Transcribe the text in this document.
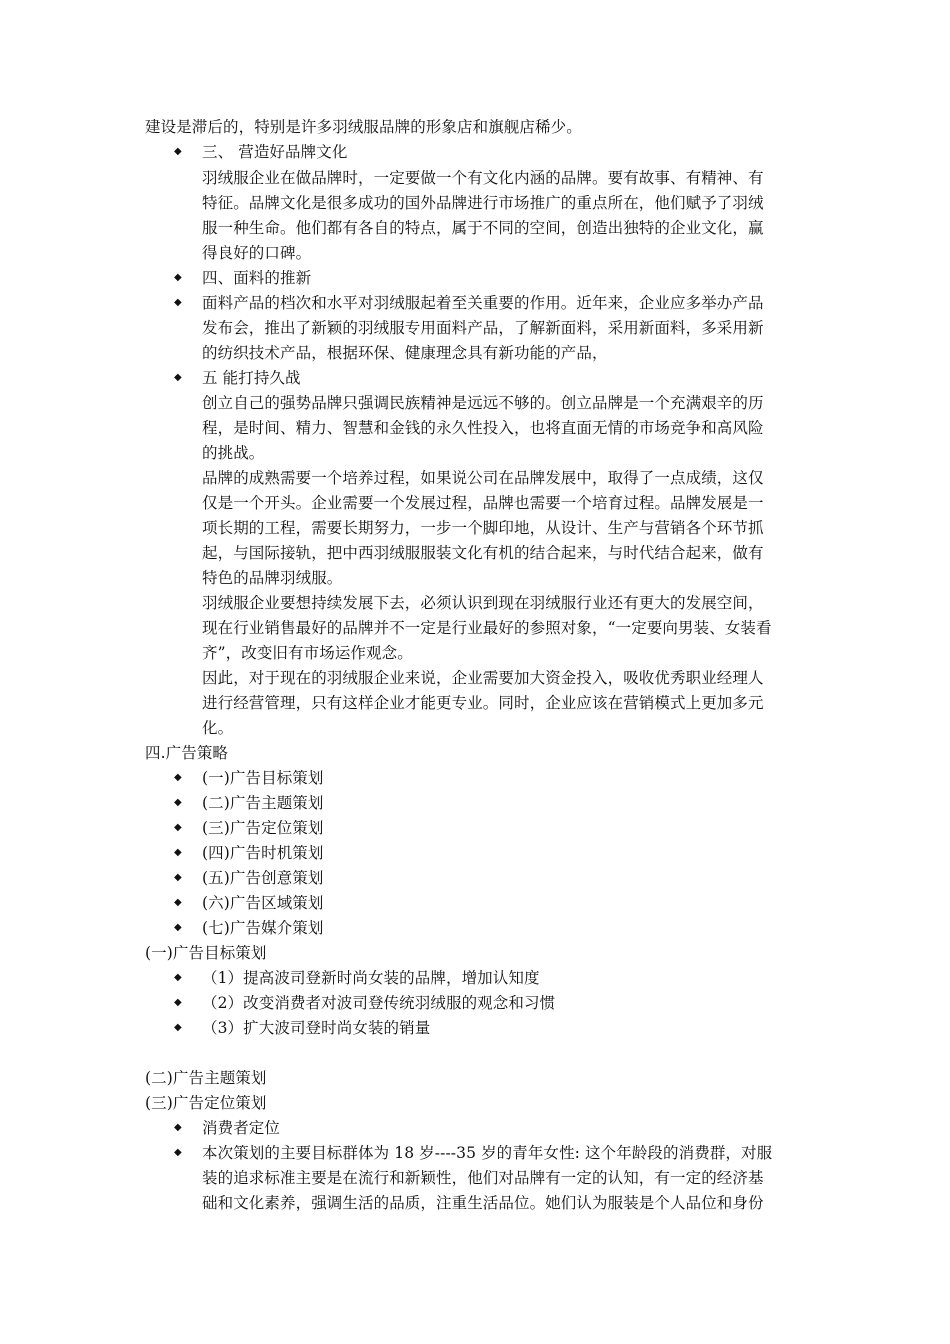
建设是滞后的，特别是许多羽绒服品牌的形象店和旗舰店稀少。
◆ 三、 营造好品牌文化
羽绒服企业在做品牌时，一定要做一个有文化内涵的品牌。要有故事、有精神、有
特征。品牌文化是很多成功的国外品牌进行市场推广的重点所在，他们赋予了羽绒
服一种生命。他们都有各自的特点，属于不同的空间，创造出独特的企业文化，赢
得良好的口碑。
◆ 四、面料的推新
◆ 面料产品的档次和水平对羽绒服起着至关重要的作用。近年来，企业应多举办产品
发布会，推出了新颖的羽绒服专用面料产品，了解新面料，采用新面料，多采用新
的纺织技术产品，根据环保、健康理念具有新功能的产品，
◆ 五 能打持久战
创立自己的强势品牌只强调民族精神是远远不够的。创立品牌是一个充满艰辛的历
程，是时间、精力、智慧和金钱的永久性投入，也将直面无情的市场竞争和高风险
的挑战。
品牌的成熟需要一个培养过程，如果说公司在品牌发展中，取得了一点成绩，这仅
仅是一个开头。企业需要一个发展过程，品牌也需要一个培育过程。品牌发展是一
项长期的工程，需要长期努力，一步一个脚印地，从设计、生产与营销各个环节抓
起，与国际接轨，把中西羽绒服服装文化有机的结合起来，与时代结合起来，做有
特色的品牌羽绒服。
羽绒服企业要想持续发展下去，必须认识到现在羽绒服行业还有更大的发展空间，
现在行业销售最好的品牌并不一定是行业最好的参照对象，“一定要向男装、女装看
齐”，改变旧有市场运作观念。
因此，对于现在的羽绒服企业来说，企业需要加大资金投入，吸收优秀职业经理人
进行经营管理，只有这样企业才能更专业。同时，企业应该在营销模式上更加多元
化。
四.广告策略
◆ (一)广告目标策划
◆ (二)广告主题策划
◆ (三)广告定位策划
◆ (四)广告时机策划
◆ (五)广告创意策划
◆ (六)广告区域策划
◆ (七)广告媒介策划
(一)广告目标策划
◆ （1）提高波司登新时尚女装的品牌，增加认知度
◆ （2）改变消费者对波司登传统羽绒服的观念和习惯
◆ （3）扩大波司登时尚女装的销量
(二)广告主题策划
(三)广告定位策划
◆ 消费者定位
◆ 本次策划的主要目标群体为 18 岁----35 岁的青年女性: 这个年龄段的消费群，对服
装的追求标准主要是在流行和新颖性，他们对品牌有一定的认知，有一定的经济基
础和文化素养，强调生活的品质，注重生活品位。她们认为服装是个人品位和身份
